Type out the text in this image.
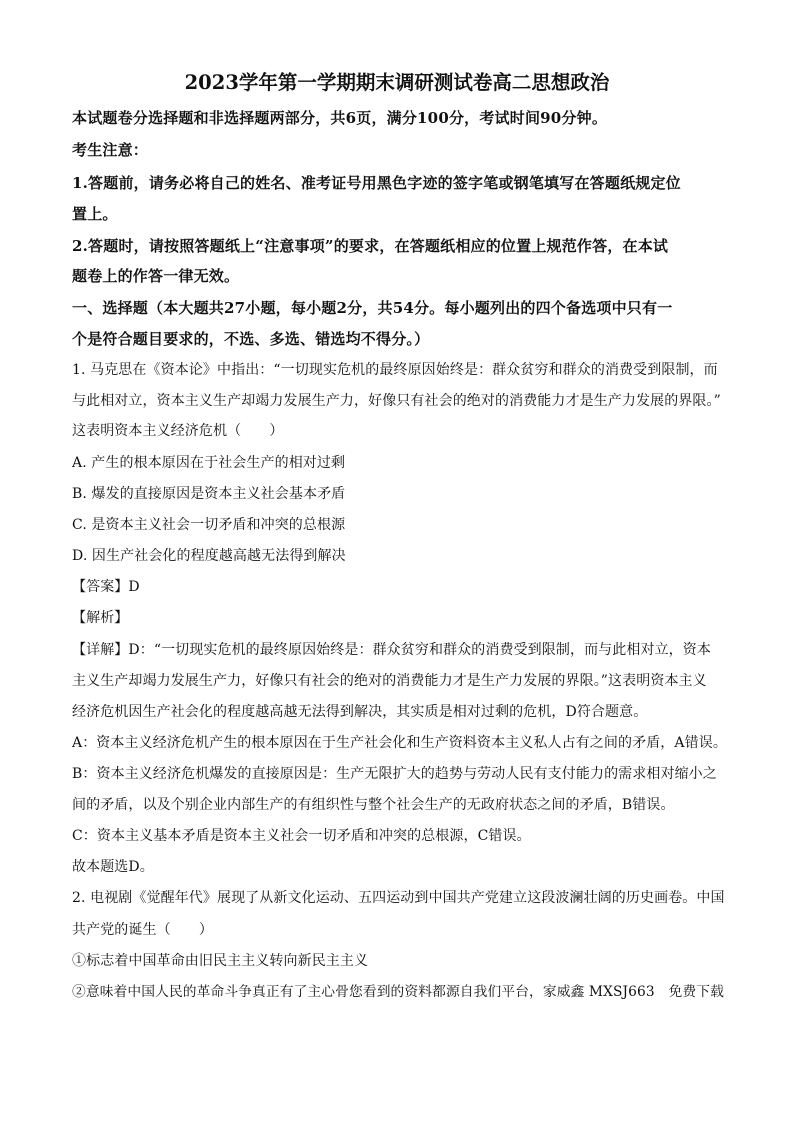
2023学年第一学期期末调研测试卷高二思想政治
本试题卷分选择题和非选择题两部分，共6页，满分100分，考试时间90分钟。
考生注意：
1.答题前，请务必将自己的姓名、准考证号用黑色字迹的签字笔或钢笔填写在答题纸规定位
置上。
2.答题时，请按照答题纸上“注意事项”的要求，在答题纸相应的位置上规范作答，在本试
题卷上的作答一律无效。
一、选择题（本大题共27小题，每小题2分，共54分。每小题列出的四个备选项中只有一
个是符合题目要求的，不选、多选、错选均不得分。）
1. 马克思在《资本论》中指出：“一切现实危机的最终原因始终是：群众贫穷和群众的消费受到限制，而
与此相对立，资本主义生产却竭力发展生产力，好像只有社会的绝对的消费能力才是生产力发展的界限。”
这表明资本主义经济危机（　　）
A. 产生的根本原因在于社会生产的相对过剩
B. 爆发的直接原因是资本主义社会基本矛盾
C. 是资本主义社会一切矛盾和冲突的总根源
D. 因生产社会化的程度越高越无法得到解决
【答案】D
【解析】
【详解】D：“一切现实危机的最终原因始终是：群众贫穷和群众的消费受到限制，而与此相对立，资本
主义生产却竭力发展生产力，好像只有社会的绝对的消费能力才是生产力发展的界限。”这表明资本主义
经济危机因生产社会化的程度越高越无法得到解决，其实质是相对过剩的危机，D符合题意。
A：资本主义经济危机产生的根本原因在于生产社会化和生产资料资本主义私人占有之间的矛盾，A错误。
B：资本主义经济危机爆发的直接原因是：生产无限扩大的趋势与劳动人民有支付能力的需求相对缩小之
间的矛盾，以及个别企业内部生产的有组织性与整个社会生产的无政府状态之间的矛盾，B错误。
C：资本主义基本矛盾是资本主义社会一切矛盾和冲突的总根源，C错误。
故本题选D。
2. 电视剧《觉醒年代》展现了从新文化运动、五四运动到中国共产党建立这段波澜壮阔的历史画卷。中国
共产党的诞生（　　）
①标志着中国革命由旧民主主义转向新民主主义
②意味着中国人民的革命斗争真正有了主心骨您看到的资料都源自我们平台，家威鑫 MXSJ663　免费下载
